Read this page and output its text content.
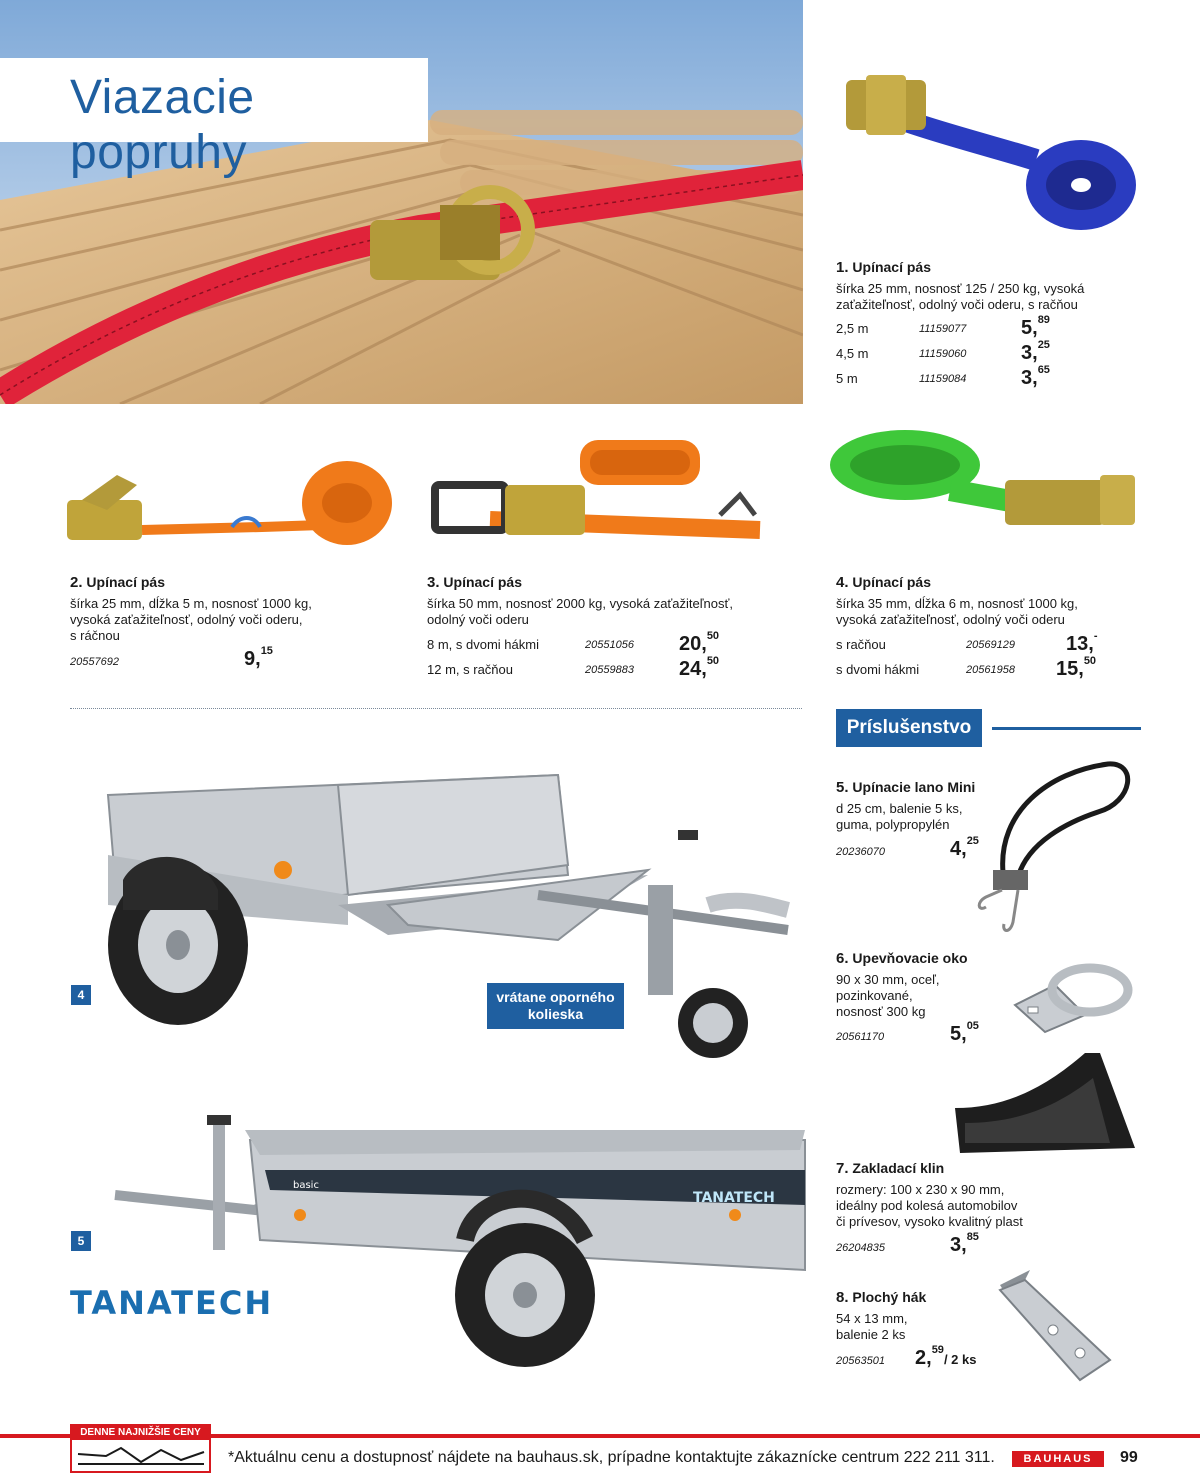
Viazacie popruhy
1. Upínací pás
šírka 25 mm, nosnosť 125 / 250 kg, vysoká
zaťažiteľnosť, odolný voči oderu, s račňou
2,5 m	11159077	5,89
4,5 m	11159060	3,25
5 m	11159084	3,65
2. Upínací pás
šírka 25 mm, dĺžka 5 m, nosnosť 1000 kg,
vysoká zaťažiteľnosť, odolný voči oderu,
s ráčnou
20557692	9,15
3. Upínací pás
šírka 50 mm, nosnosť 2000 kg, vysoká zaťažiteľnosť,
odolný voči oderu
8 m, s dvomi hákmi	20551056 20,50
12 m, s račňou	20559883 24,50
4. Upínací pás
šírka 35 mm, dĺžka 6 m, nosnosť 1000 kg,
vysoká zaťažiteľnosť, odolný voči oderu
s račňou	20569129	13,-
s dvomi hákmi	20561958 15,50
Príslušenstvo
4	vrátane oporného
kolieska
TANATECH
basic
5
TANATECH
5. Upínacie lano Mini
d 25 cm, balenie 5 ks,
guma, polypropylén
20236070	4,25
6. Upevňovacie oko
90 x 30 mm, oceľ,
pozinkované,
nosnosť 300 kg
20561170	5,05
7. Zakladací klin
rozmery: 100 x 230 x 90 mm,
ideálny pod kolesá automobilov
či prívesov, vysoko kvalitný plast
26204835	3,85
8. Plochý hák
54 x 13 mm,
balenie 2 ks
20563501 2,59/ 2 ks
DENNE NAJNIŽŠIE CENY
*Aktuálnu cenu a dostupnosť nájdete na bauhaus.sk, prípadne kontaktujte zákaznícke centrum 222 211 311.	BAUHAUS	99
